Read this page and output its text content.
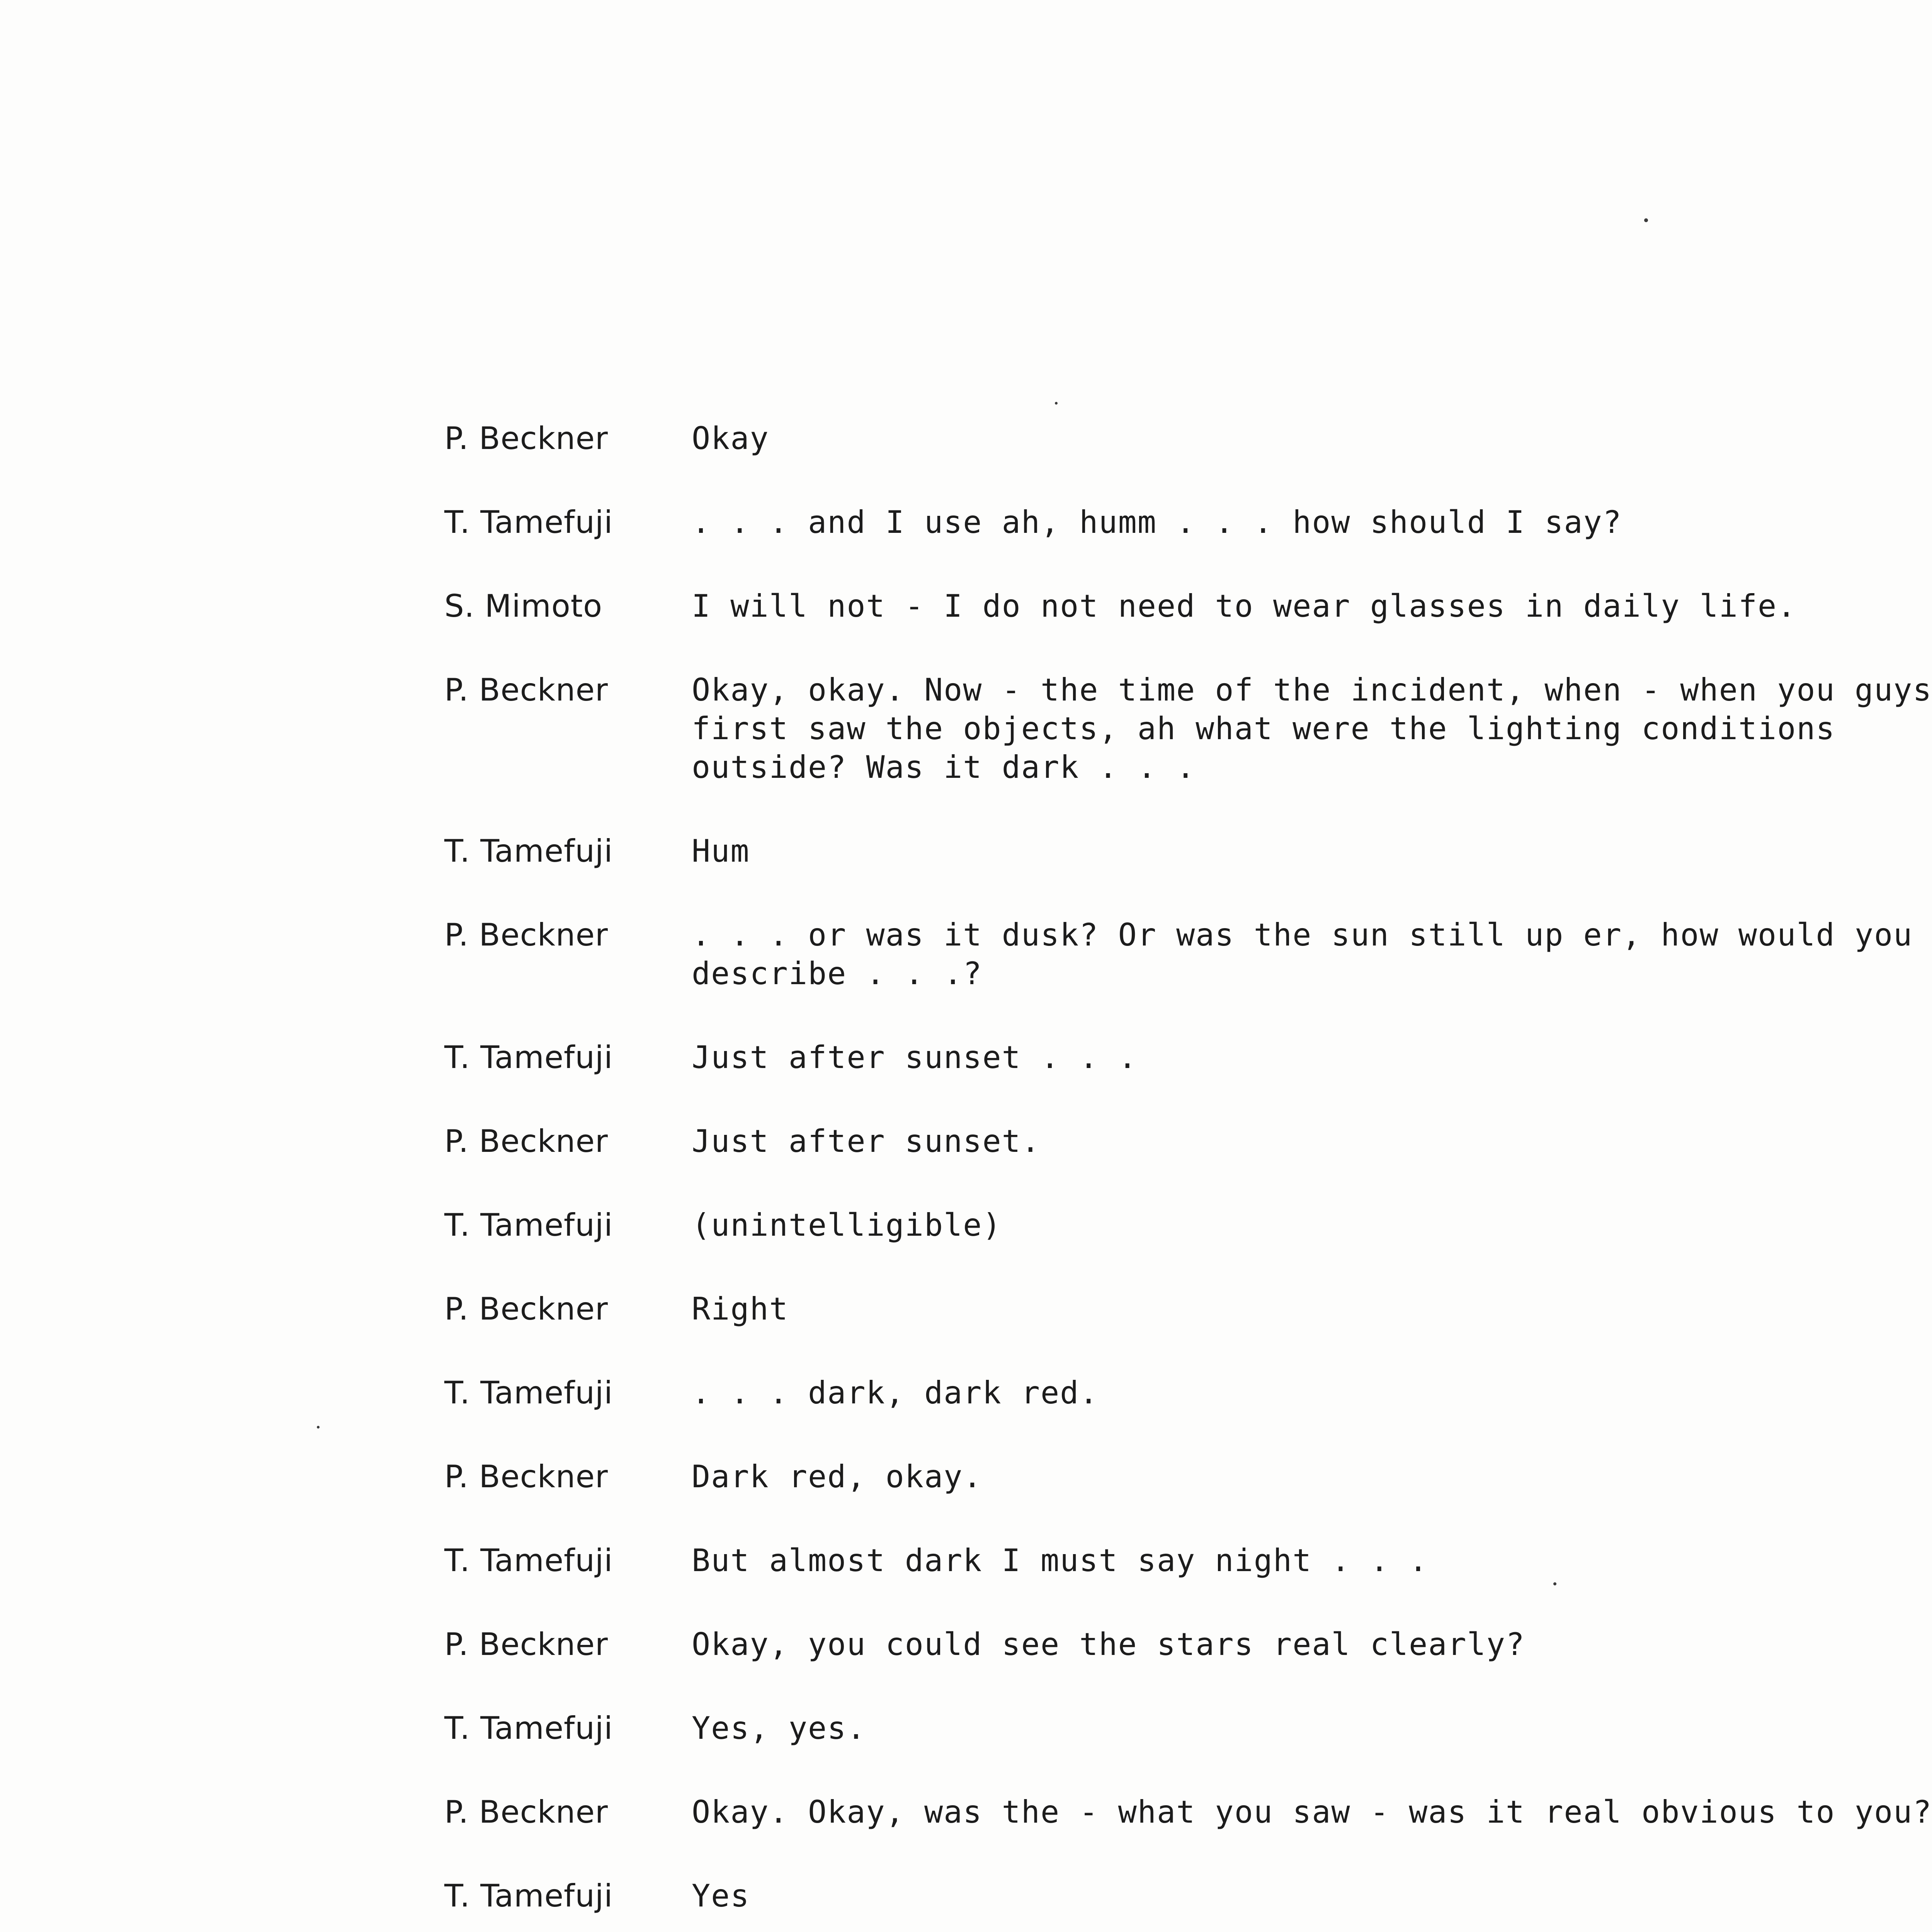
P. Beckner	Okay
T. Tamefuji	. . . and I use ah, humm . . . how should I say?
S. Mimoto	I will not - I do not need to wear glasses in daily life.
P. Beckner	Okay, okay. Now - the time of the incident, when - when you guys first saw the objects, ah what were the lighting conditions outside? Was it dark . . .
T. Tamefuji	Hum
P. Beckner	. . . or was it dusk? Or was the sun still up er, how would you describe . . .?
T. Tamefuji	Just after sunset . . .
P. Beckner	Just after sunset.
T. Tamefuji	(unintelligible)
P. Beckner	Right
T. Tamefuji	. . . dark, dark red.
P. Beckner	Dark red, okay.
T. Tamefuji	But almost dark I must say night . . .
P. Beckner	Okay, you could see the stars real clearly?
T. Tamefuji	Yes, yes.
P. Beckner	Okay. Okay, was the - what you saw - was it real obvious to you?
T. Tamefuji	Yes
